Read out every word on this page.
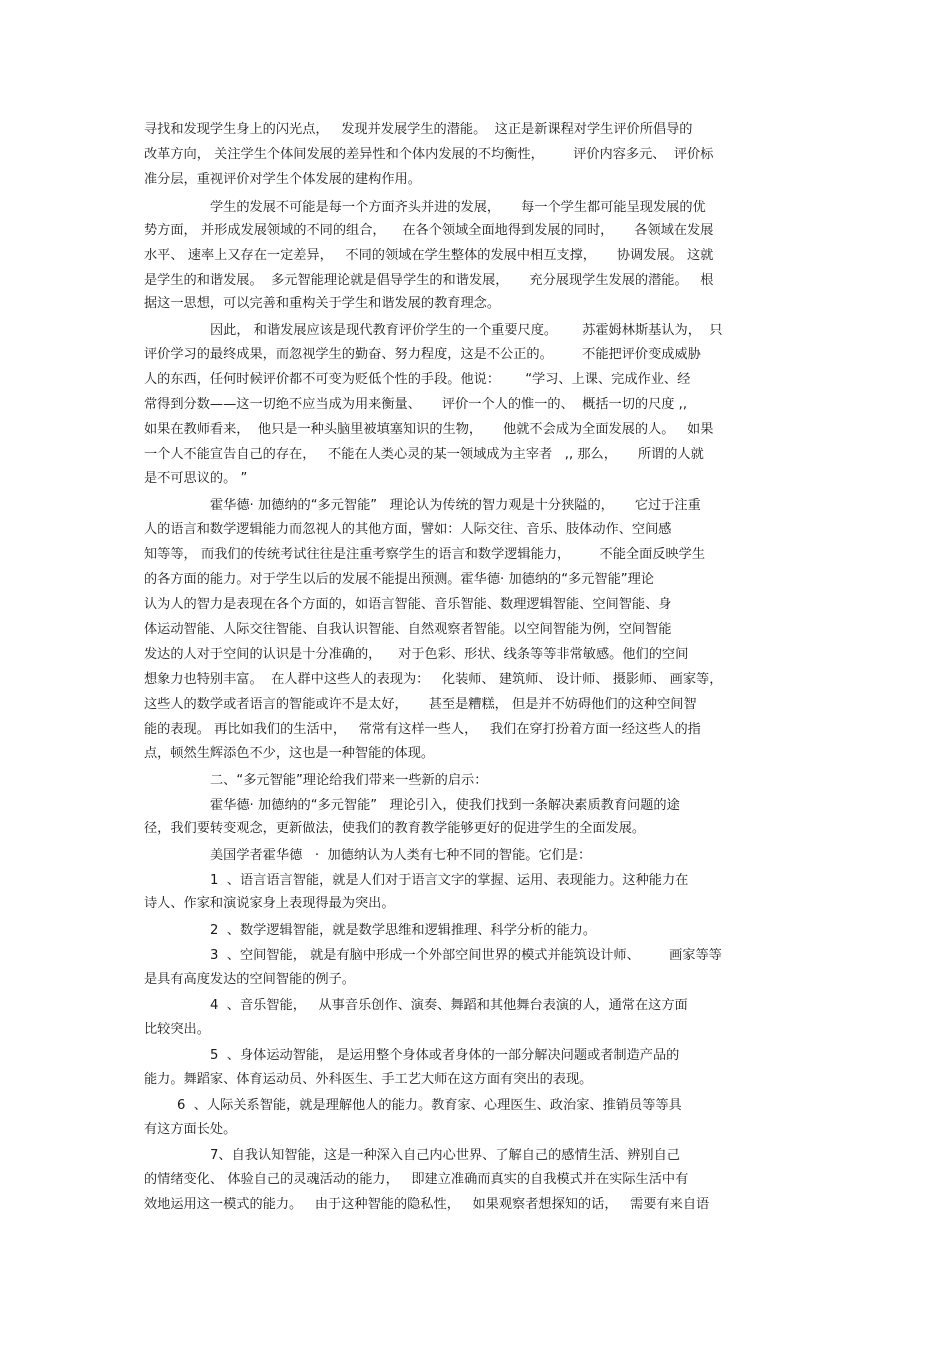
寻找和发现学生身上的闪光点，   发现并发展学生的潜能。  这正是新课程对学生评价所倡导的
改革方向， 关注学生个体间发展的差异性和个体内发展的不均衡性，       评价内容多元、  评价标
准分层，重视评价对学生个体发展的建构作用。
学生的发展不可能是每一个方面齐头并进的发展，     每一个学生都可能呈现发展的优
势方面， 并形成发展领域的不同的组合，    在各个领域全面地得到发展的同时，     各领域在发展
水平、 速率上又存在一定差异，   不同的领域在学生整体的发展中相互支撑，     协调发展。 这就
是学生的和谐发展。  多元智能理论就是倡导学生的和谐发展，     充分展现学生发展的潜能。   根
据这一思想，可以完善和重构关于学生和谐发展的教育理念。
因此， 和谐发展应该是现代教育评价学生的一个重要尺度。      苏霍姆林斯基认为，  只
评价学习的最终成果，而忽视学生的勤奋、努力程度，这是不公正的。       不能把评价变成威胁
人的东西，任何时候评价都不可变为贬低个性的手段。他说：      “学习、上课、完成作业、经
常得到分数——这一切绝不应当成为用来衡量、     评价一个人的惟一的、  概括一切的尺度 ,,
如果在教师看来，  他只是一种头脑里被填塞知识的生物，     他就不会成为全面发展的人。   如果
一个人不能宣告自己的存在，   不能在人类心灵的某一领域成为主宰者   ,, 那么，     所谓的人就
是不可思议的。 ”
霍华德· 加德纳的“多元智能”   理论认为传统的智力观是十分狭隘的，     它过于注重
人的语言和数学逻辑能力而忽视人的其他方面，譬如：人际交往、音乐、肢体动作、空间感
知等等， 而我们的传统考试往往是注重考察学生的语言和数学逻辑能力，       不能全面反映学生
的各方面的能力。对于学生以后的发展不能提出预测。霍华德· 加德纳的“多元智能”理论
认为人的智力是表现在各个方面的，如语言智能、音乐智能、数理逻辑智能、空间智能、身
体运动智能、人际交往智能、自我认识智能、自然观察者智能。以空间智能为例，空间智能
发达的人对于空间的认识是十分准确的，    对于色彩、形状、线条等等非常敏感。他们的空间
想象力也特别丰富。  在人群中这些人的表现为：   化装师、 建筑师、 设计师、 摄影师、 画家等，
这些人的数学或者语言的智能或许不是太好，     甚至是糟糕， 但是并不妨碍他们的这种空间智
能的表现。 再比如我们的生活中，   常常有这样一些人，   我们在穿打扮着方面一经这些人的指
点，顿然生辉添色不少，这也是一种智能的体现。
二、“多元智能”理论给我们带来一些新的启示：
霍华德· 加德纳的“多元智能”   理论引入，使我们找到一条解决素质教育问题的途
径，我们要转变观念，更新做法，使我们的教育教学能够更好的促进学生的全面发展。
美国学者霍华德   ·  加德纳认为人类有七种不同的智能。它们是：
1  、语言语言智能，就是人们对于语言文字的掌握、运用、表现能力。这种能力在
诗人、作家和演说家身上表现得最为突出。
2  、数学逻辑智能，就是数学思维和逻辑推理、科学分析的能力。
3  、空间智能， 就是有脑中形成一个外部空间世界的模式并能筑设计师、       画家等等
是具有高度发达的空间智能的例子。
4  、音乐智能，   从事音乐创作、演奏、舞蹈和其他舞台表演的人，通常在这方面
比较突出。
5  、身体运动智能， 是运用整个身体或者身体的一部分解决问题或者制造产品的
能力。舞蹈家、体育运动员、外科医生、手工艺大师在这方面有突出的表现。
6  、人际关系智能，就是理解他人的能力。教育家、心理医生、政治家、推销员等等具
有这方面长处。
7、自我认知智能，这是一种深入自己内心世界、了解自己的感情生活、辨别自己
的情绪变化、 体验自己的灵魂活动的能力，   即建立准确而真实的自我模式并在实际生活中有
效地运用这一模式的能力。   由于这种智能的隐私性，   如果观察者想探知的话，   需要有来自语
